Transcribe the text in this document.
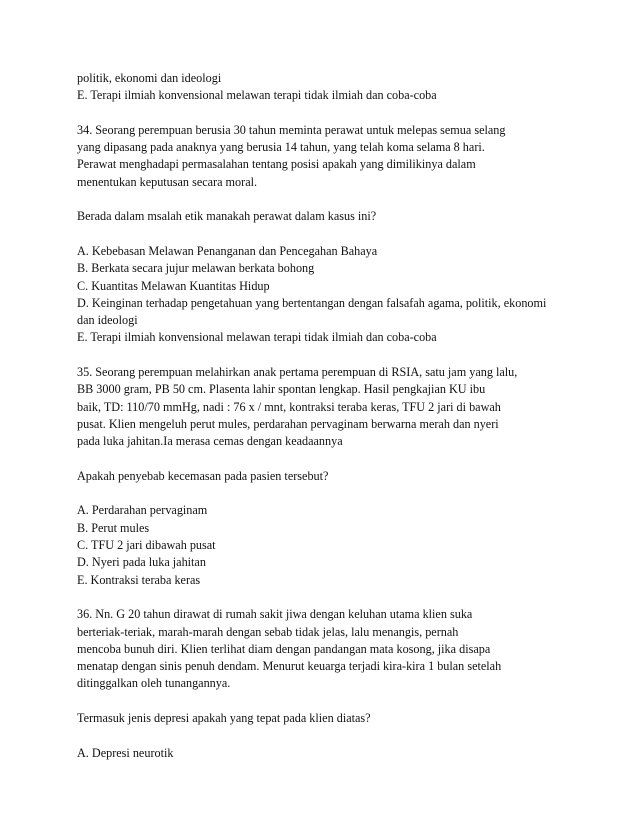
politik, ekonomi dan ideologi
E. Terapi ilmiah konvensional melawan terapi tidak ilmiah dan coba-coba
34. Seorang perempuan berusia 30 tahun meminta perawat untuk melepas semua selang
yang dipasang pada anaknya yang berusia 14 tahun, yang telah koma selama 8 hari.
Perawat menghadapi permasalahan tentang posisi apakah yang dimilikinya dalam
menentukan keputusan secara moral.
Berada dalam msalah etik manakah perawat dalam kasus ini?
A. Kebebasan Melawan Penanganan dan Pencegahan Bahaya
B. Berkata secara jujur melawan berkata bohong
C. Kuantitas Melawan Kuantitas Hidup
D. Keinginan terhadap pengetahuan yang bertentangan dengan falsafah agama, politik, ekonomi
dan ideologi
E. Terapi ilmiah konvensional melawan terapi tidak ilmiah dan coba-coba
35. Seorang perempuan melahirkan anak pertama perempuan di RSIA, satu jam yang lalu,
BB 3000 gram, PB 50 cm. Plasenta lahir spontan lengkap. Hasil pengkajian KU ibu
baik, TD: 110/70 mmHg, nadi : 76 x / mnt, kontraksi teraba keras, TFU 2 jari di bawah
pusat. Klien mengeluh perut mules, perdarahan pervaginam berwarna merah dan nyeri
pada luka jahitan.Ia merasa cemas dengan keadaannya
Apakah penyebab kecemasan pada pasien tersebut?
A. Perdarahan pervaginam
B. Perut mules
C. TFU 2 jari dibawah pusat
D. Nyeri pada luka jahitan
E. Kontraksi teraba keras
36. Nn. G 20 tahun dirawat di rumah sakit jiwa dengan keluhan utama klien suka
berteriak-teriak, marah-marah dengan sebab tidak jelas, lalu menangis, pernah
mencoba bunuh diri. Klien terlihat diam dengan pandangan mata kosong, jika disapa
menatap dengan sinis penuh dendam. Menurut keuarga terjadi kira-kira 1 bulan setelah
ditinggalkan oleh tunangannya.
Termasuk jenis depresi apakah yang tepat pada klien diatas?
A. Depresi neurotik
